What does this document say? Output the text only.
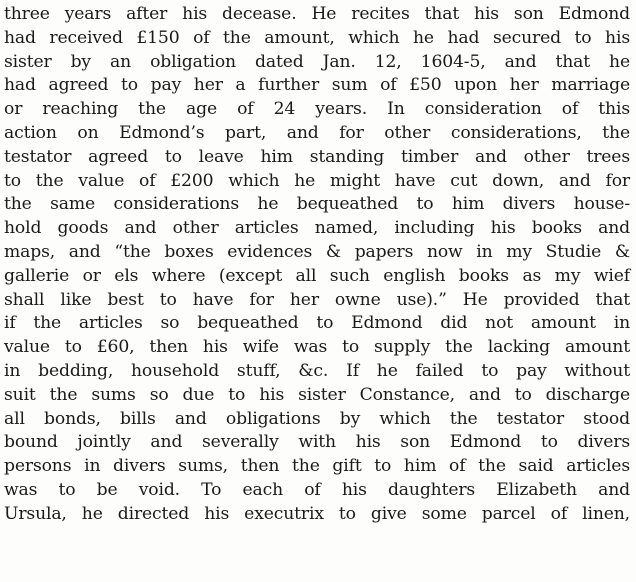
three years after his decease. He recites that his son Edmond
had received £150 of the amount, which he had secured to his
sister by an obligation dated Jan. 12, 1604-5, and that he
had agreed to pay her a further sum of £50 upon her marriage
or reaching the age of 24 years. In consideration of this
action on Edmond’s part, and for other considerations, the
testator agreed to leave him standing timber and other trees
to the value of £200 which he might have cut down, and for
the same considerations he bequeathed to him divers house-
hold goods and other articles named, including his books and
maps, and “the boxes evidences & papers now in my Studie &
gallerie or els where (except all such english books as my wief
shall like best to have for her owne use).” He provided that
if the articles so bequeathed to Edmond did not amount in
value to £60, then his wife was to supply the lacking amount
in bedding, household stuff, &c. If he failed to pay without
suit the sums so due to his sister Constance, and to discharge
all bonds, bills and obligations by which the testator stood
bound jointly and severally with his son Edmond to divers
persons in divers sums, then the gift to him of the said articles
was to be void. To each of his daughters Elizabeth and
Ursula, he directed his executrix to give some parcel of linen,
